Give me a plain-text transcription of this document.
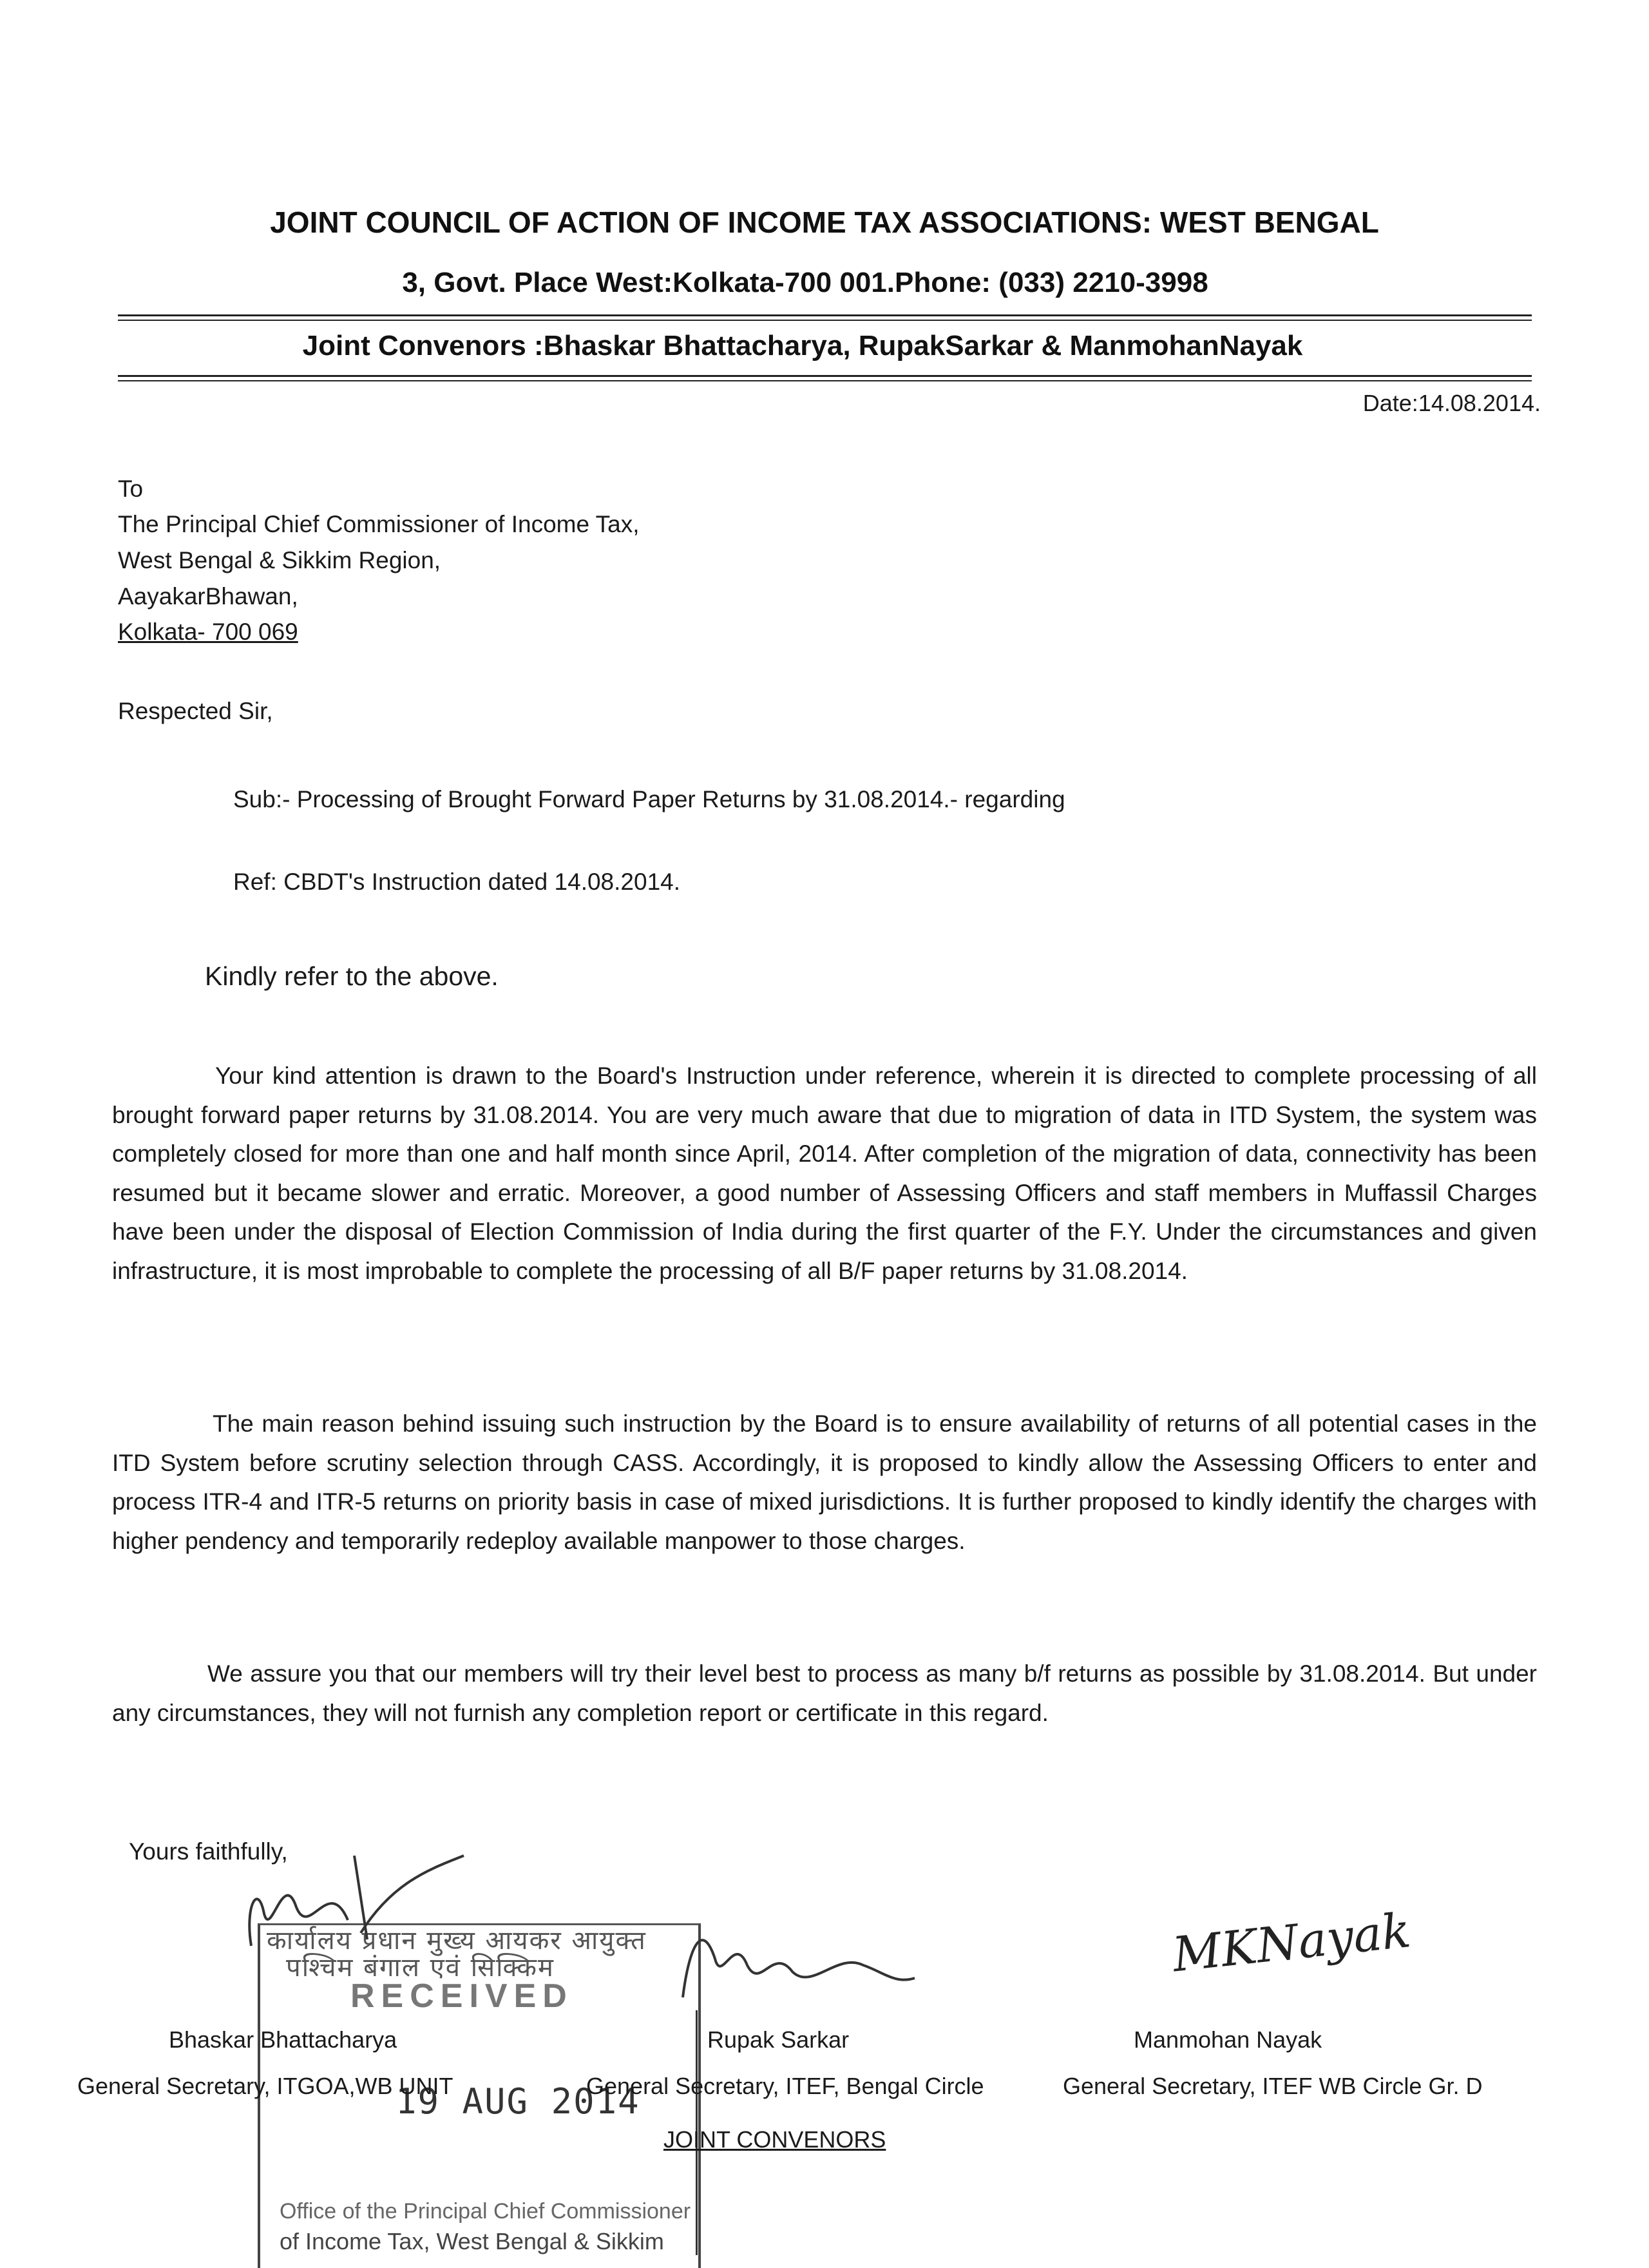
JOINT COUNCIL OF ACTION OF INCOME TAX ASSOCIATIONS: WEST BENGAL
3, Govt. Place West:Kolkata-700 001.Phone: (033) 2210-3998
Joint Convenors :Bhaskar Bhattacharya, RupakSarkar & ManmohanNayak
Date:14.08.2014.
To
The Principal Chief Commissioner of Income Tax,
West Bengal & Sikkim Region,
AayakarBhawan,
Kolkata- 700 069
Respected Sir,
Sub:- Processing of Brought Forward Paper Returns by 31.08.2014.- regarding
Ref: CBDT's Instruction dated 14.08.2014.
Kindly refer to the above.
Your kind attention is drawn to the Board's Instruction under reference, wherein it is directed to complete processing of all brought forward paper returns by 31.08.2014. You are very much aware that due to migration of data in ITD System, the system was completely closed for more than one and half month since April, 2014. After completion of the migration of data, connectivity has been resumed but it became slower and erratic. Moreover, a good number of Assessing Officers and staff members in Muffassil Charges have been under the disposal of Election Commission of India during the first quarter of the F.Y. Under the circumstances and given infrastructure, it is most improbable to complete the processing of all B/F paper returns by 31.08.2014.
The main reason behind issuing such instruction by the Board is to ensure availability of returns of all potential cases in the ITD System before scrutiny selection through CASS. Accordingly, it is proposed to kindly allow the Assessing Officers to enter and process ITR-4 and ITR-5 returns on priority basis in case of mixed jurisdictions. It is further proposed to kindly identify the charges with higher pendency and temporarily redeploy available manpower to those charges.
We assure you that our members will try their level best to process as many b/f returns as possible by 31.08.2014. But under any circumstances, they will not furnish any completion report or certificate in this regard.
Yours faithfully,
कार्यालय प्रधान मुख्य आयकर आयुक्त
पश्चिम बंगाल एवं सिक्किम
RECEIVED
19 AUG 2014
Office of the Principal Chief Commissioner
of Income Tax, West Bengal & Sikkim
MKNayak
Bhaskar Bhattacharya
General Secretary, ITGOA,WB UNIT
Rupak Sarkar
General Secretary, ITEF, Bengal Circle
Manmohan Nayak
General Secretary, ITEF WB Circle Gr. D
JOINT CONVENORS
